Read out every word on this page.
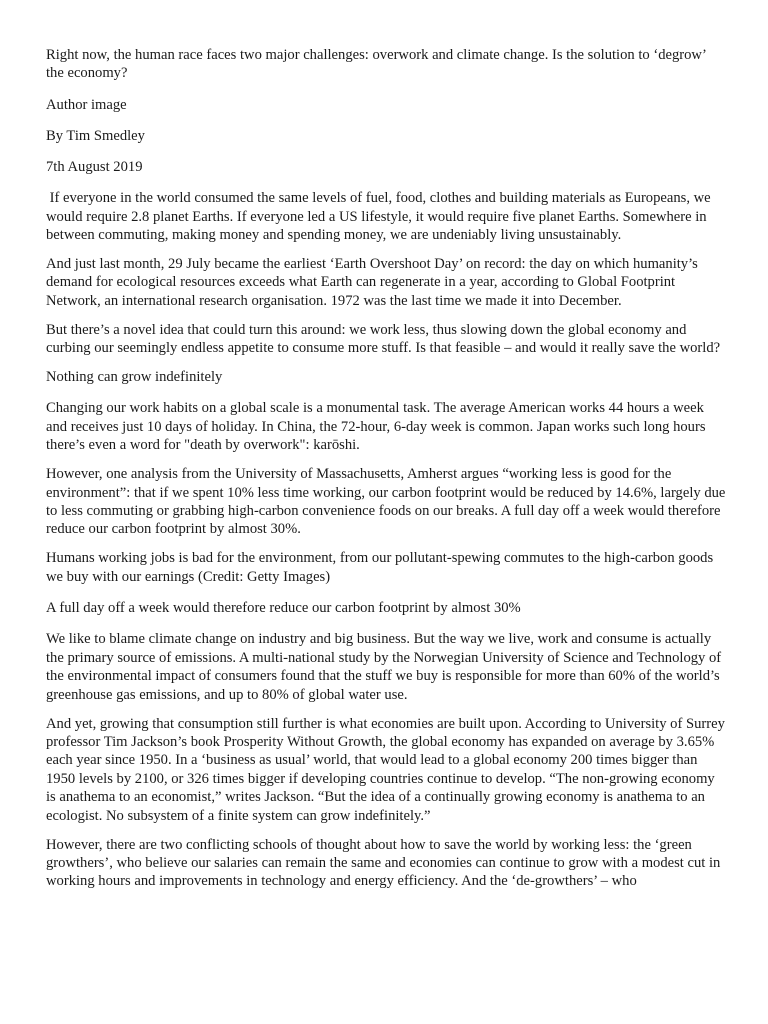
Right now, the human race faces two major challenges: overwork and climate change. Is the solution to ‘degrow’ the economy?

Author image

By Tim Smedley

7th August 2019

If everyone in the world consumed the same levels of fuel, food, clothes and building materials as Europeans, we would require 2.8 planet Earths. If everyone led a US lifestyle, it would require five planet Earths. Somewhere in between commuting, making money and spending money, we are undeniably living unsustainably.

And just last month, 29 July became the earliest ‘Earth Overshoot Day’ on record: the day on which humanity’s demand for ecological resources exceeds what Earth can regenerate in a year, according to Global Footprint Network, an international research organisation. 1972 was the last time we made it into December.

But there’s a novel idea that could turn this around: we work less, thus slowing down the global economy and curbing our seemingly endless appetite to consume more stuff. Is that feasible – and would it really save the world?

Nothing can grow indefinitely

Changing our work habits on a global scale is a monumental task. The average American works 44 hours a week and receives just 10 days of holiday. In China, the 72-hour, 6-day week is common. Japan works such long hours there’s even a word for "death by overwork": karōshi.

However, one analysis from the University of Massachusetts, Amherst argues “working less is good for the environment”: that if we spent 10% less time working, our carbon footprint would be reduced by 14.6%, largely due to less commuting or grabbing high-carbon convenience foods on our breaks. A full day off a week would therefore reduce our carbon footprint by almost 30%.

Humans working jobs is bad for the environment, from our pollutant-spewing commutes to the high-carbon goods we buy with our earnings (Credit: Getty Images)

A full day off a week would therefore reduce our carbon footprint by almost 30%

We like to blame climate change on industry and big business. But the way we live, work and consume is actually the primary source of emissions. A multi-national study by the Norwegian University of Science and Technology of the environmental impact of consumers found that the stuff we buy is responsible for more than 60% of the world’s greenhouse gas emissions, and up to 80% of global water use.

And yet, growing that consumption still further is what economies are built upon. According to University of Surrey professor Tim Jackson’s book Prosperity Without Growth, the global economy has expanded on average by 3.65% each year since 1950. In a ‘business as usual’ world, that would lead to a global economy 200 times bigger than 1950 levels by 2100, or 326 times bigger if developing countries continue to develop. “The non-growing economy is anathema to an economist,” writes Jackson. “But the idea of a continually growing economy is anathema to an ecologist. No subsystem of a finite system can grow indefinitely.”

However, there are two conflicting schools of thought about how to save the world by working less: the ‘green growthers’, who believe our salaries can remain the same and economies can continue to grow with a modest cut in working hours and improvements in technology and energy efficiency. And the ‘de-growthers’ – who
